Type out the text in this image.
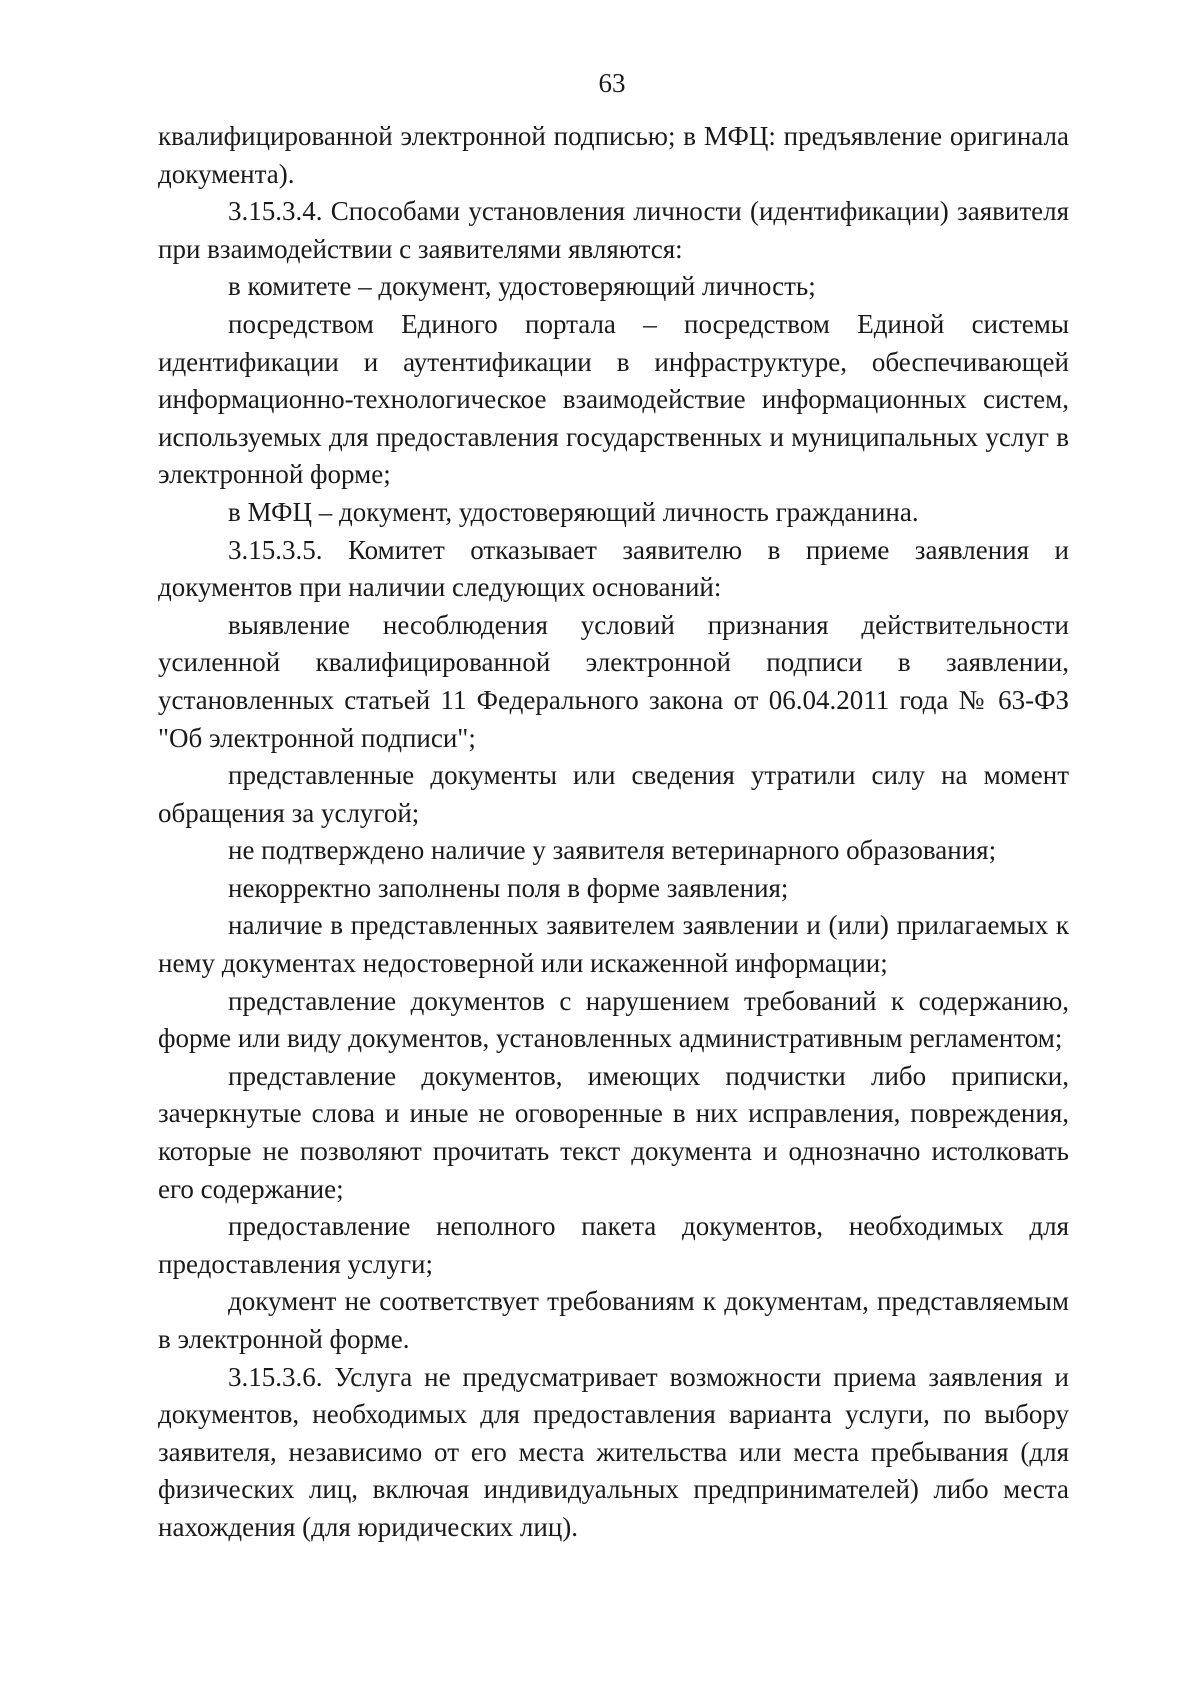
63

квалифицированной электронной подписью; в МФЦ: предъявление оригинала документа).

3.15.3.4. Способами установления личности (идентификации) заявителя при взаимодействии с заявителями являются:

в комитете – документ, удостоверяющий личность;

посредством Единого портала – посредством Единой системы идентификации и аутентификации в инфраструктуре, обеспечивающей информационно-технологическое взаимодействие информационных систем, используемых для предоставления государственных и муниципальных услуг в электронной форме;

в МФЦ – документ, удостоверяющий личность гражданина.

3.15.3.5. Комитет отказывает заявителю в приеме заявления и документов при наличии следующих оснований:

выявление несоблюдения условий признания действительности усиленной квалифицированной электронной подписи в заявлении, установленных статьей 11 Федерального закона от 06.04.2011 года № 63-ФЗ "Об электронной подписи";

представленные документы или сведения утратили силу на момент обращения за услугой;

не подтверждено наличие у заявителя ветеринарного образования;

некорректно заполнены поля в форме заявления;

наличие в представленных заявителем заявлении и (или) прилагаемых к нему документах недостоверной или искаженной информации;

представление документов с нарушением требований к содержанию, форме или виду документов, установленных административным регламентом;

представление документов, имеющих подчистки либо приписки, зачеркнутые слова и иные не оговоренные в них исправления, повреждения, которые не позволяют прочитать текст документа и однозначно истолковать его содержание;

предоставление неполного пакета документов, необходимых для предоставления услуги;

документ не соответствует требованиям к документам, представляемым в электронной форме.

3.15.3.6. Услуга не предусматривает возможности приема заявления и документов, необходимых для предоставления варианта услуги, по выбору заявителя, независимо от его места жительства или места пребывания (для физических лиц, включая индивидуальных предпринимателей) либо места нахождения (для юридических лиц).
